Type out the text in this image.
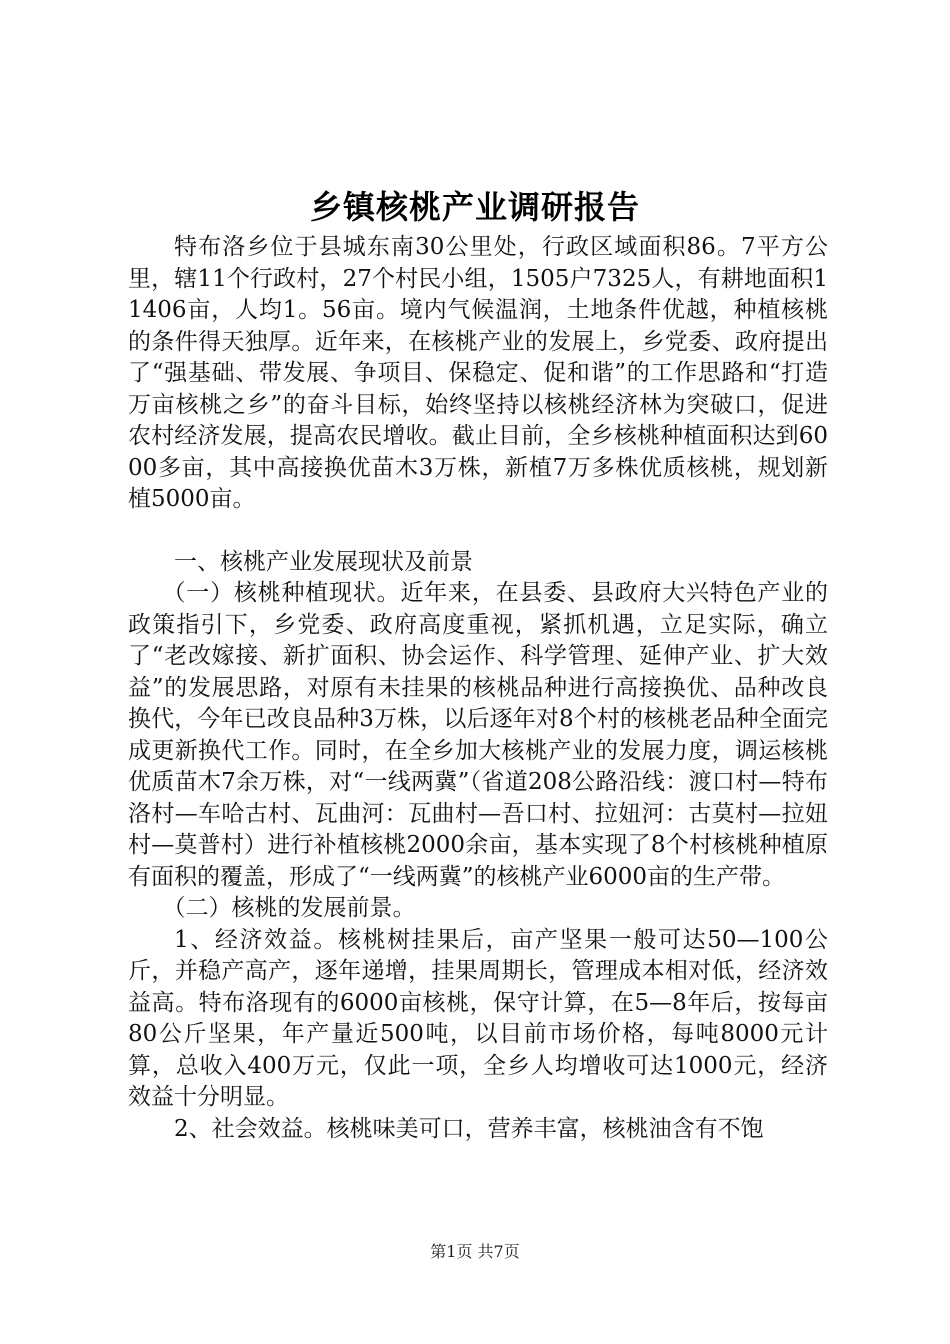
乡镇核桃产业调研报告

特布洛乡位于县城东南30公里处，行政区域面积86。7平方公里，辖11个行政村，27个村民小组，1505户7325人，有耕地面积11406亩，人均1。56亩。境内气候温润，土地条件优越，种植核桃的条件得天独厚。近年来，在核桃产业的发展上，乡党委、政府提出了“强基础、带发展、争项目、保稳定、促和谐”的工作思路和“打造万亩核桃之乡”的奋斗目标，始终坚持以核桃经济林为突破口，促进农村经济发展，提高农民增收。截止目前，全乡核桃种植面积达到6000多亩，其中高接换优苗木3万株，新植7万多株优质核桃，规划新植5000亩。

一、核桃产业发展现状及前景

（一）核桃种植现状。近年来，在县委、县政府大兴特色产业的政策指引下，乡党委、政府高度重视，紧抓机遇，立足实际，确立了“老改嫁接、新扩面积、协会运作、科学管理、延伸产业、扩大效益”的发展思路，对原有未挂果的核桃品种进行高接换优、品种改良换代，今年已改良品种3万株，以后逐年对8个村的核桃老品种全面完成更新换代工作。同时，在全乡加大核桃产业的发展力度，调运核桃优质苗木7余万株，对“一线两冀”（省道208公路沿线：渡口村—特布洛村—车哈古村、瓦曲河：瓦曲村—吾口村、拉妞河：古莫村—拉妞村—莫普村）进行补植核桃2000余亩，基本实现了8个村核桃种植原有面积的覆盖，形成了“一线两冀”的核桃产业6000亩的生产带。

（二）核桃的发展前景。

1、经济效益。核桃树挂果后，亩产坚果一般可达50—100公斤，并稳产高产，逐年递增，挂果周期长，管理成本相对低，经济效益高。特布洛现有的6000亩核桃，保守计算，在5—8年后，按每亩80公斤坚果，年产量近500吨，以目前市场价格，每吨8000元计算，总收入400万元，仅此一项，全乡人均增收可达1000元，经济效益十分明显。

2、社会效益。核桃味美可口，营养丰富，核桃油含有不饱

第1页 共7页
